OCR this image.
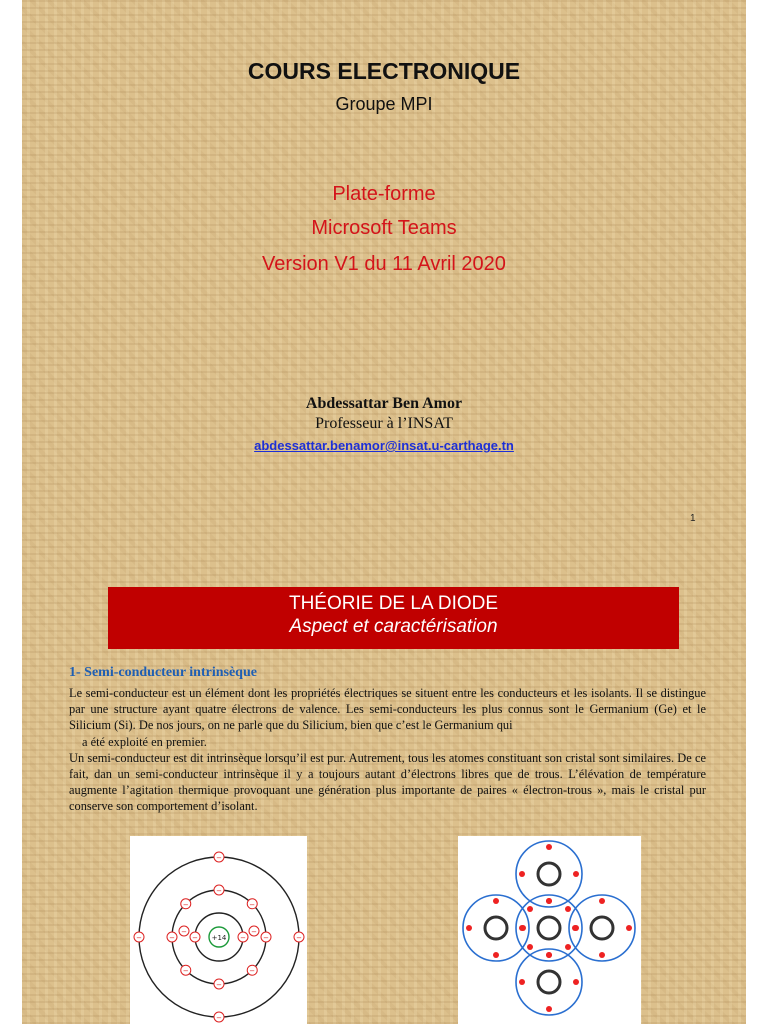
COURS ELECTRONIQUE
Groupe MPI
Plate-forme
Microsoft Teams
Version V1 du 11 Avril 2020
Abdessattar Ben Amor
Professeur à l’INSAT
abdessattar.benamor@insat.u-carthage.tn
1
THÉORIE DE LA DIODE
Aspect et caractérisation
1- Semi-conducteur intrinsèque

Le semi-conducteur est un élément dont les propriétés électriques se situent entre les conducteurs et les isolants. Il se distingue par une structure ayant quatre électrons de valence. Les semi-conducteurs les plus connus sont le Germanium (Ge) et le Silicium (Si). De nos jours, on ne parle que du Silicium, bien que c’est le Germanium qui

a été exploité en premier.

Un semi-conducteur est dit intrinsèque lorsqu’il est pur. Autrement, tous les atomes constituant son cristal sont similaires. De ce fait, dan un semi-conducteur intrinsèque il y a toujours autant d’électrons libres que de trous. L’élévation de température augmente l’agitation thermique provoquant une génération plus importante de paires « électron-trous », mais le cristal pur conserve son comportement d’isolant.

+14
−	−
−
−	−
−	−
−	−
−
−
−	−
−
−	−
